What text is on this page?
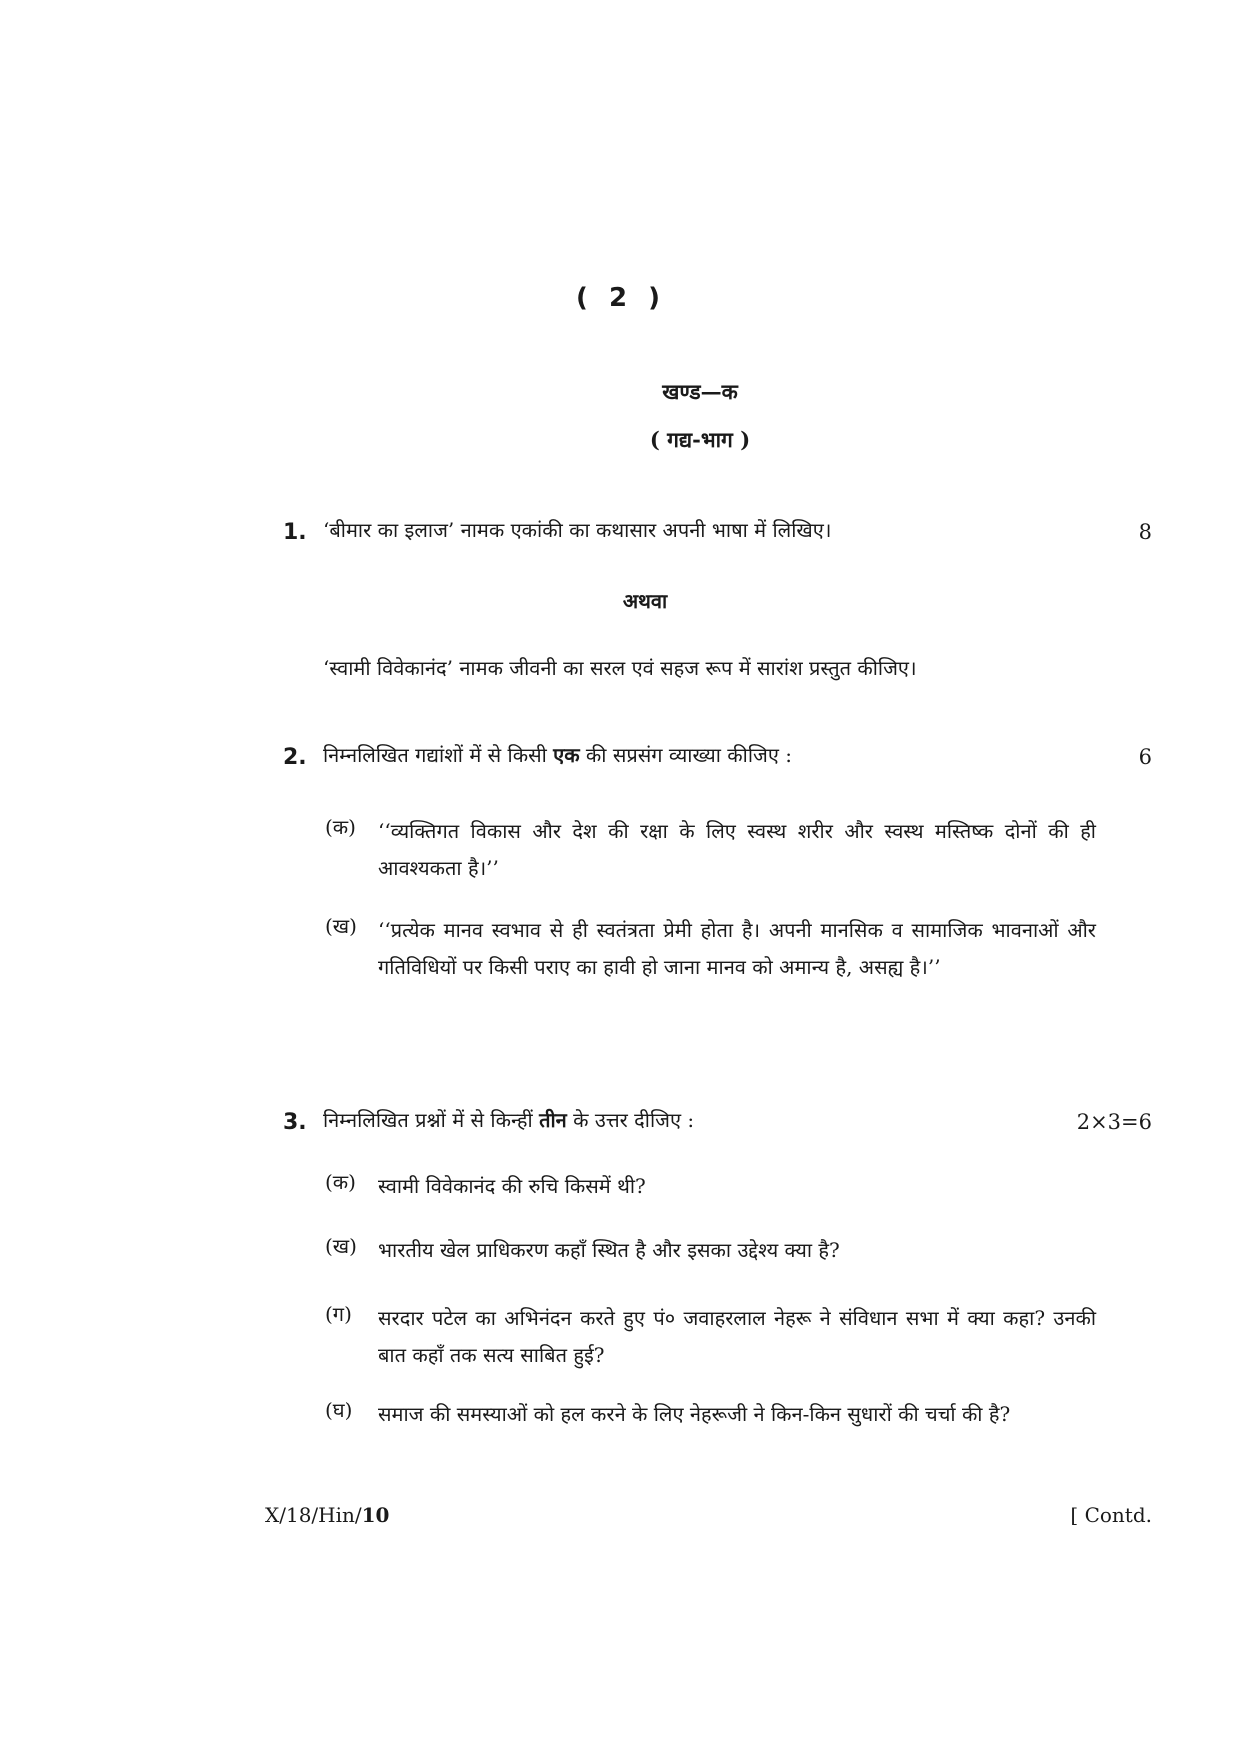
( 2 )
खण्ड—क
( गद्य-भाग )
1. ‘बीमार का इलाज’ नामक एकांकी का कथासार अपनी भाषा में लिखिए।	8
अथवा
‘स्वामी विवेकानंद’ नामक जीवनी का सरल एवं सहज रूप में सारांश प्रस्तुत कीजिए।
2. निम्नलिखित गद्यांशों में से किसी एक की सप्रसंग व्याख्या कीजिए :	6
(क)	‘‘व्यक्तिगत विकास और देश की रक्षा के लिए स्वस्थ शरीर और स्वस्थ मस्तिष्क दोनों की ही आवश्यकता है।’’
(ख)	‘‘प्रत्येक मानव स्वभाव से ही स्वतंत्रता प्रेमी होता है। अपनी मानसिक व सामाजिक भावनाओं और गतिविधियों पर किसी पराए का हावी हो जाना मानव को अमान्य है, असह्य है।’’
3. निम्नलिखित प्रश्नों में से किन्हीं तीन के उत्तर दीजिए :	2×3=6
(क)	स्वामी विवेकानंद की रुचि किसमें थी?
(ख)	भारतीय खेल प्राधिकरण कहाँ स्थित है और इसका उद्देश्य क्या है?
(ग)	सरदार पटेल का अभिनंदन करते हुए पं० जवाहरलाल नेहरू ने संविधान सभा में क्या कहा? उनकी बात कहाँ तक सत्य साबित हुई?
(घ)	समाज की समस्याओं को हल करने के लिए नेहरूजी ने किन-किन सुधारों की चर्चा की है?
X/18/Hin/10	[ Contd.
